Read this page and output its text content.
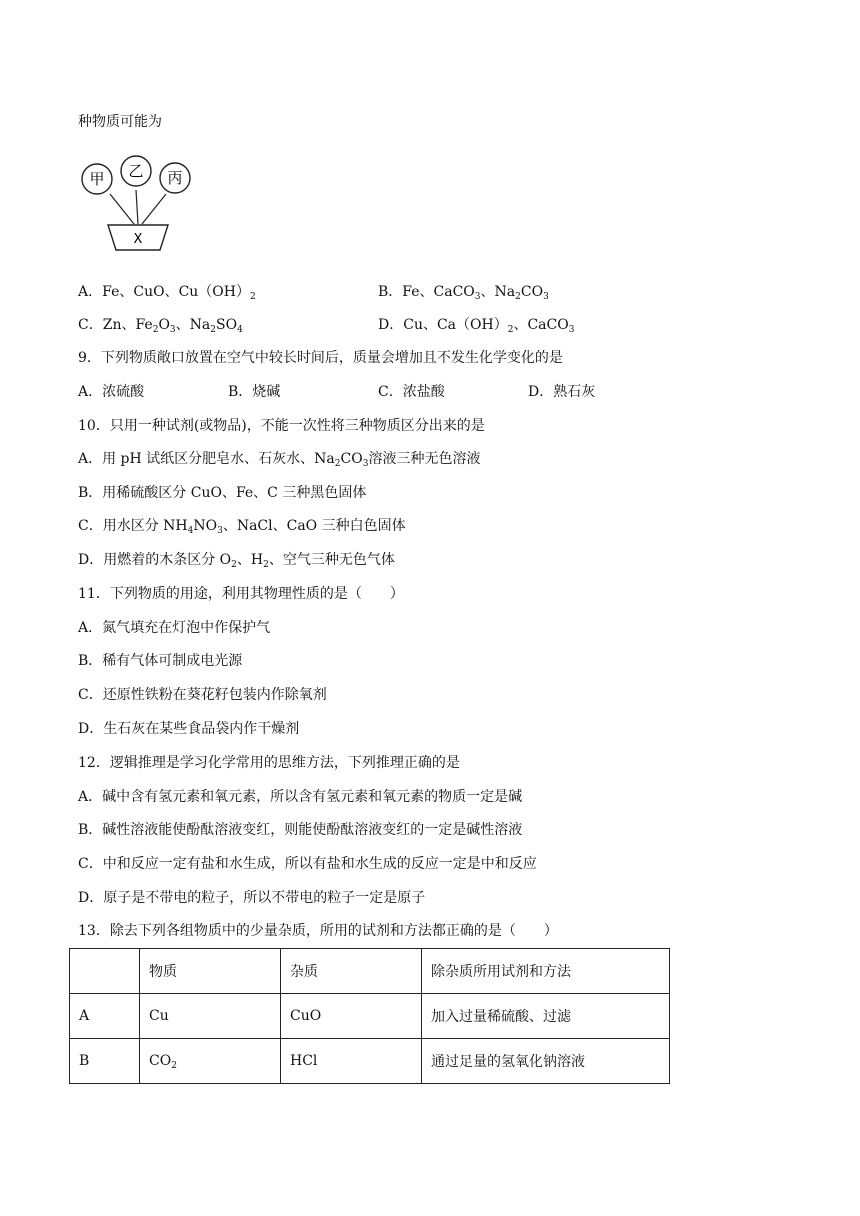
种物质可能为
甲 乙 丙
X
A．Fe、CuO、$Cu(OH)_2$	B．Fe、CaCO$_3$、$Na_2CO_3$
C．Zn、$Fe_2O_3$、$Na_2SO_4$	D．Cu、$Ca(OH)_2$、CaCO$_3$
9．下列物质敞口放置在空气中较长时间后，质量会增加且不发生化学变化的是
A．浓硫酸	B．烧碱	C．浓盐酸	D．熟石灰
10．只用一种试剂(或物品)，不能一次性将三种物质区分出来的是
A．用 pH 试纸区分肥皂水、石灰水、$Na_2CO_3$溶液三种无色溶液
B．用稀硫酸区分 CuO、Fe、C 三种黑色固体
C．用水区分 $NH_4NO_3$、NaCl、CaO 三种白色固体
D．用燃着的木条区分 $O_2$、$H_2$、空气三种无色气体
11．下列物质的用途，利用其物理性质的是（　　）
A．氮气填充在灯泡中作保护气
B．稀有气体可制成电光源
C．还原性铁粉在葵花籽包装内作除氧剂
D．生石灰在某些食品袋内作干燥剂
12．逻辑推理是学习化学常用的思维方法，下列推理正确的是
A．碱中含有氢元素和氧元素，所以含有氢元素和氧元素的物质一定是碱
B．碱性溶液能使酚酞溶液变红，则能使酚酞溶液变红的一定是碱性溶液
C．中和反应一定有盐和水生成，所以有盐和水生成的反应一定是中和反应
D．原子是不带电的粒子，所以不带电的粒子一定是原子
13．除去下列各组物质中的少量杂质，所用的试剂和方法都正确的是（　　）
	物质	杂质	除杂质所用试剂和方法
A	Cu	CuO	加入过量稀硫酸、过滤
B	$CO_2$	HCl	通过足量的氢氧化钠溶液
